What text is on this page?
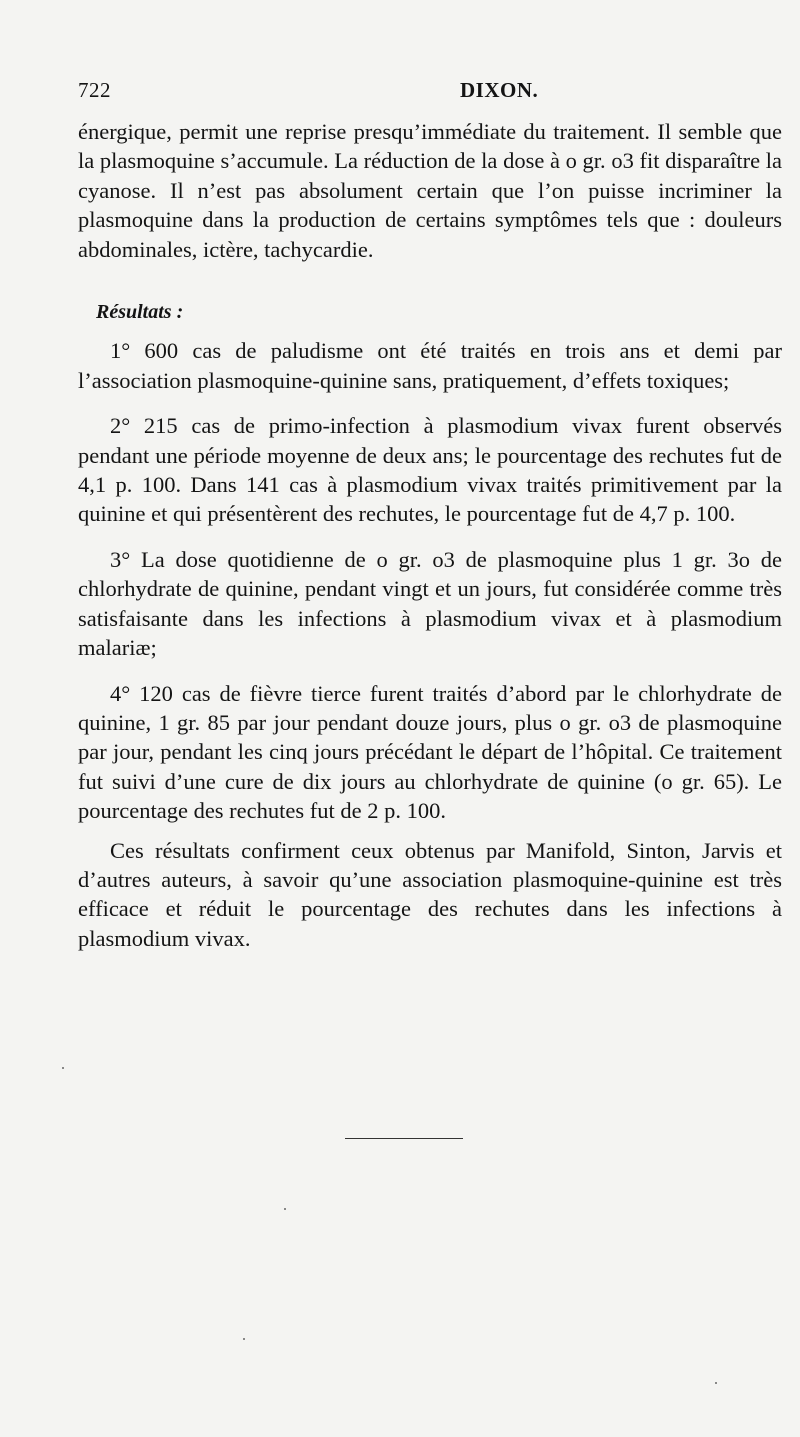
722	DIXON.

énergique, permit une reprise presqu’immédiate du traitement. Il semble que la plasmoquine s’accumule. La réduction de la dose à o gr. o3 fit disparaître la cyanose. Il n’est pas absolument certain que l’on puisse incriminer la plasmoquine dans la production de certains symptômes tels que : douleurs abdominales, ictère, tachycardie.

Résultats :

1° 600 cas de paludisme ont été traités en trois ans et demi par l’association plasmoquine-quinine sans, pratiquement, d’effets toxiques;

2° 215 cas de primo-infection à plasmodium vivax furent observés pendant une période moyenne de deux ans; le pourcentage des rechutes fut de 4,1 p. 100. Dans 141 cas à plasmodium vivax traités primitivement par la quinine et qui présentèrent des rechutes, le pourcentage fut de 4,7 p. 100.

3° La dose quotidienne de o gr. o3 de plasmoquine plus 1 gr. 3o de chlorhydrate de quinine, pendant vingt et un jours, fut considérée comme très satisfaisante dans les infections à plasmodium vivax et à plasmodium malariæ;

4° 120 cas de fièvre tierce furent traités d’abord par le chlorhydrate de quinine, 1 gr. 85 par jour pendant douze jours, plus o gr. o3 de plasmoquine par jour, pendant les cinq jours précédant le départ de l’hôpital. Ce traitement fut suivi d’une cure de dix jours au chlorhydrate de quinine (o gr. 65). Le pourcentage des rechutes fut de 2 p. 100.

Ces résultats confirment ceux obtenus par Manifold, Sinton, Jarvis et d’autres auteurs, à savoir qu’une association plasmoquine-quinine est très efficace et réduit le pourcentage des rechutes dans les infections à plasmodium vivax.
